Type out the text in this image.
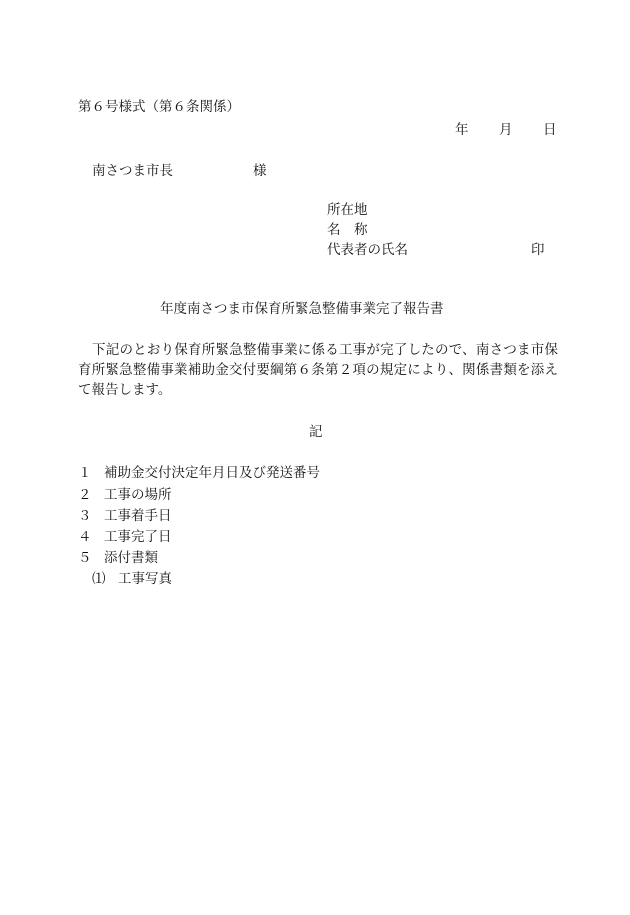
第６号様式（第６条関係）
年 月 日
南さつま市長	様
所在地
名　称
代表者の氏名	印
年度南さつま市保育所緊急整備事業完了報告書
下記のとおり保育所緊急整備事業に係る工事が完了したので、南さつま市保育所緊急整備事業補助金交付要綱第６条第２項の規定により、関係書類を添えて報告します。
記
１ 補助金交付決定年月日及び発送番号
２ 工事の場所
３ 工事着手日
４ 工事完了日
５ 添付書類
⑴ 工事写真
